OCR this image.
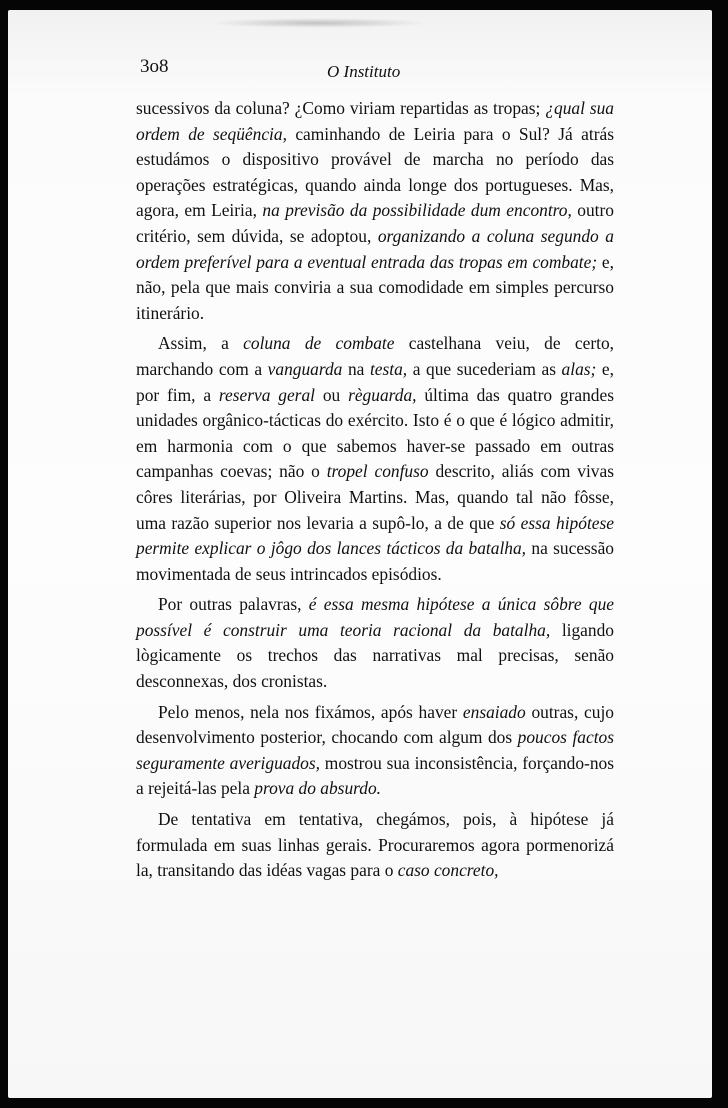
3o8	O Instituto

sucessivos da coluna? ¿Como viriam repartidas as tropas; ¿qual sua ordem de seqüência, caminhando de Leiria para o Sul? Já atrás estudámos o dispositivo provável de marcha no período das operações estratégicas, quando ainda longe dos portugueses. Mas, agora, em Leiria, na previsão da possibilidade dum encontro, outro critério, sem dúvida, se adoptou, organizando a coluna segundo a ordem preferível para a eventual entrada das tropas em combate; e, não, pela que mais conviria a sua comodidade em simples percurso itinerário.

Assim, a coluna de combate castelhana veiu, de certo, marchando com a vanguarda na testa, a que sucederiam as alas; e, por fim, a reserva geral ou règuarda, última das quatro grandes unidades orgânico-tácticas do exército. Isto é o que é lógico admitir, em harmonia com o que sabemos haver-se passado em outras campanhas coevas; não o tropel confuso descrito, aliás com vivas côres literárias, por Oliveira Martins. Mas, quando tal não fôsse, uma razão superior nos levaria a supô-lo, a de que só essa hipótese permite explicar o jôgo dos lances tácticos da batalha, na sucessão movimentada de seus intrincados episódios.

Por outras palavras, é essa mesma hipótese a única sôbre que possível é construir uma teoria racional da batalha, ligando lògicamente os trechos das narrativas mal precisas, senão desconnexas, dos cronistas.

Pelo menos, nela nos fixámos, após haver ensaiado outras, cujo desenvolvimento posterior, chocando com algum dos poucos factos seguramente averiguados, mostrou sua inconsistência, forçando-nos a rejeitá-las pela prova do absurdo.

De tentativa em tentativa, chegámos, pois, à hipótese já formulada em suas linhas gerais. Procuraremos agora pormenorizá la, transitando das idéas vagas para o caso concreto,
